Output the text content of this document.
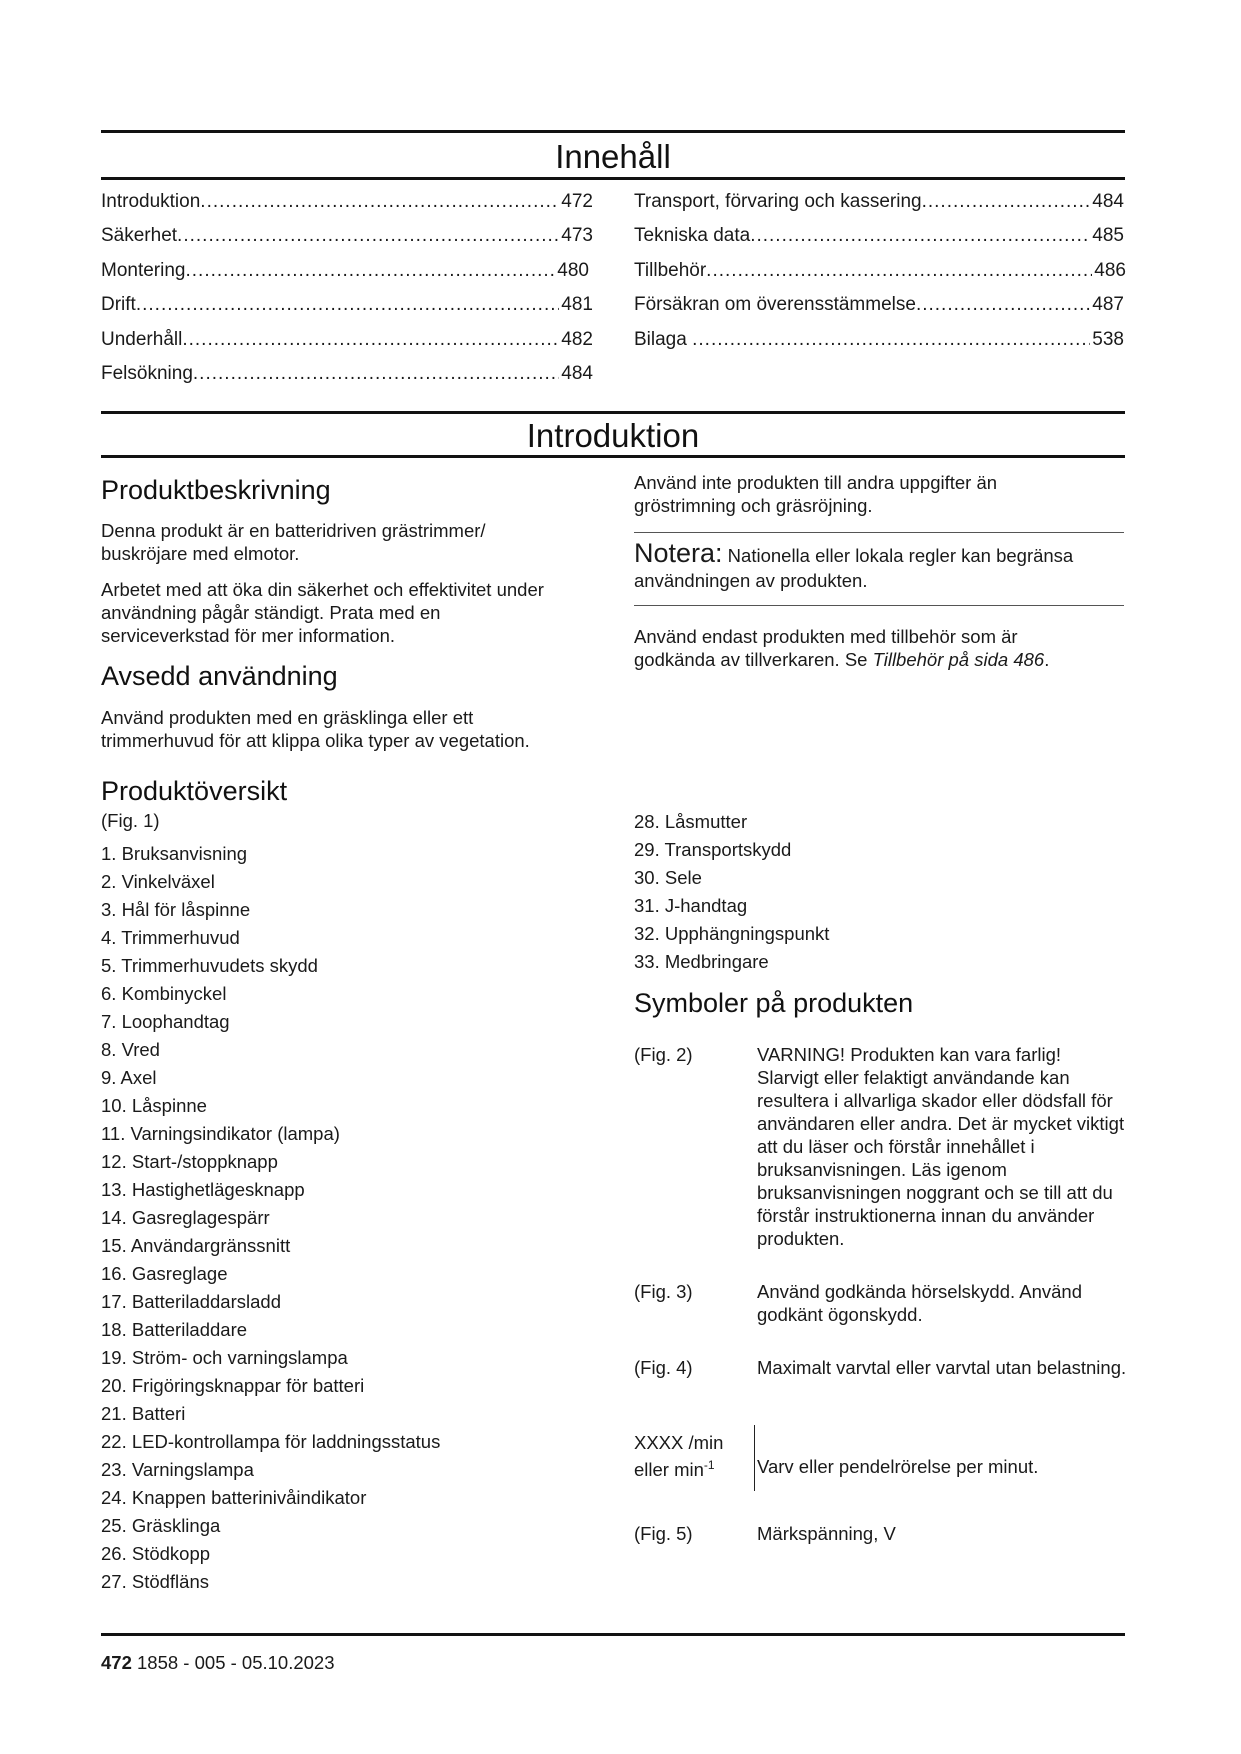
Innehåll
Introduktion .....	472
Säkerhet .....	473
Montering .....	480
Drift .....	481
Underhåll .....	482
Felsökning .....	484
Transport, förvaring och kassering .....	484
Tekniska data .....	485
Tillbehör .....	486
Försäkran om överensstämmelse .....	487
Bilaga .....	538
Introduktion
Produktbeskrivning
Denna produkt är en batteridriven grästrimmer/ buskröjare med elmotor.
Arbetet med att öka din säkerhet och effektivitet under användning pågår ständigt. Prata med en serviceverkstad för mer information.
Avsedd användning
Använd produkten med en gräsklinga eller ett trimmerhuvud för att klippa olika typer av vegetation.
Använd inte produkten till andra uppgifter än gröstrimning och gräsröjning.
Notera: Nationella eller lokala regler kan begränsa användningen av produkten.
Använd endast produkten med tillbehör som är godkända av tillverkaren. Se Tillbehör på sida 486.
Produktöversikt
(Fig. 1)
1. Bruksanvisning
2. Vinkelväxel
3. Hål för låspinne
4. Trimmerhuvud
5. Trimmerhuvudets skydd
6. Kombinyckel
7. Loophandtag
8. Vred
9. Axel
10. Låspinne
11. Varningsindikator (lampa)
12. Start-/stoppknapp
13. Hastighetlägesknapp
14. Gasreglagespärr
15. Användargränssnitt
16. Gasreglage
17. Batteriladdarsladd
18. Batteriladdare
19. Ström- och varningslampa
20. Frigöringsknappar för batteri
21. Batteri
22. LED-kontrollampa för laddningsstatus
23. Varningslampa
24. Knappen batterinivåindikator
25. Gräsklinga
26. Stödkopp
27. Stödfläns
28. Låsmutter
29. Transportskydd
30. Sele
31. J-handtag
32. Upphängningspunkt
33. Medbringare
Symboler på produkten
(Fig. 2)	VARNING! Produkten kan vara farlig! Slarvigt eller felaktigt användande kan resultera i allvarliga skador eller dödsfall för användaren eller andra. Det är mycket viktigt att du läser och förstår innehållet i bruksanvisningen. Läs igenom bruksanvisningen noggrant och se till att du förstår instruktionerna innan du använder produkten.
(Fig. 3)	Använd godkända hörselskydd. Använd godkänt ögonskydd.
(Fig. 4)	Maximalt varvtal eller varvtal utan belastning.
XXXX /min
eller $\min^{-1}$	Varv eller pendelrörelse per minut.
(Fig. 5)	Märkspänning, V
472 1858 - 005 - 05.10.2023
